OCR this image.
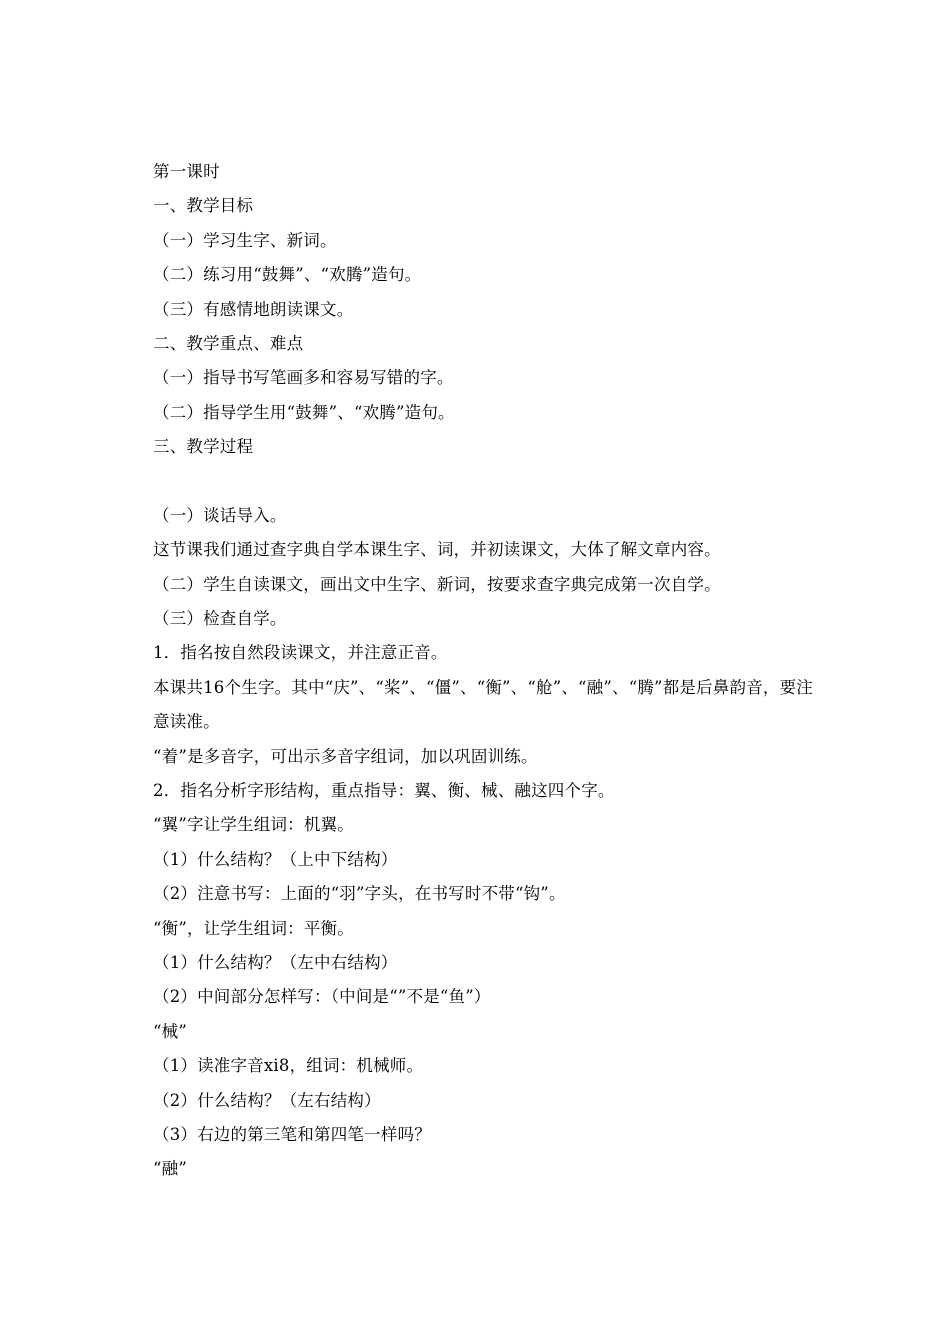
第一课时
一、教学目标
（一）学习生字、新词。
（二）练习用“鼓舞”、“欢腾”造句。
（三）有感情地朗读课文。
二、教学重点、难点
（一）指导书写笔画多和容易写错的字。
（二）指导学生用“鼓舞”、“欢腾”造句。
三、教学过程
（一）谈话导入。
这节课我们通过查字典自学本课生字、词，并初读课文，大体了解文章内容。
（二）学生自读课文，画出文中生字、新词，按要求查字典完成第一次自学。
（三）检查自学。
1．指名按自然段读课文，并注意正音。
本课共16个生字。其中“庆”、“桨”、“僵”、“衡”、“舱”、“融”、“腾”都是后鼻韵音，要注意读准。
“着”是多音字，可出示多音字组词，加以巩固训练。
2．指名分析字形结构，重点指导：翼、衡、械、融这四个字。
“翼”字让学生组词：机翼。
（1）什么结构？（上中下结构）
（2）注意书写：上面的“羽”字头，在书写时不带“钩”。
“衡”，让学生组词：平衡。
（1）什么结构？（左中右结构）
（2）中间部分怎样写：（中间是“”不是“鱼”）
“械”
（1）读准字音xi8，组词：机械师。
（2）什么结构？（左右结构）
（3）右边的第三笔和第四笔一样吗？
“融”
